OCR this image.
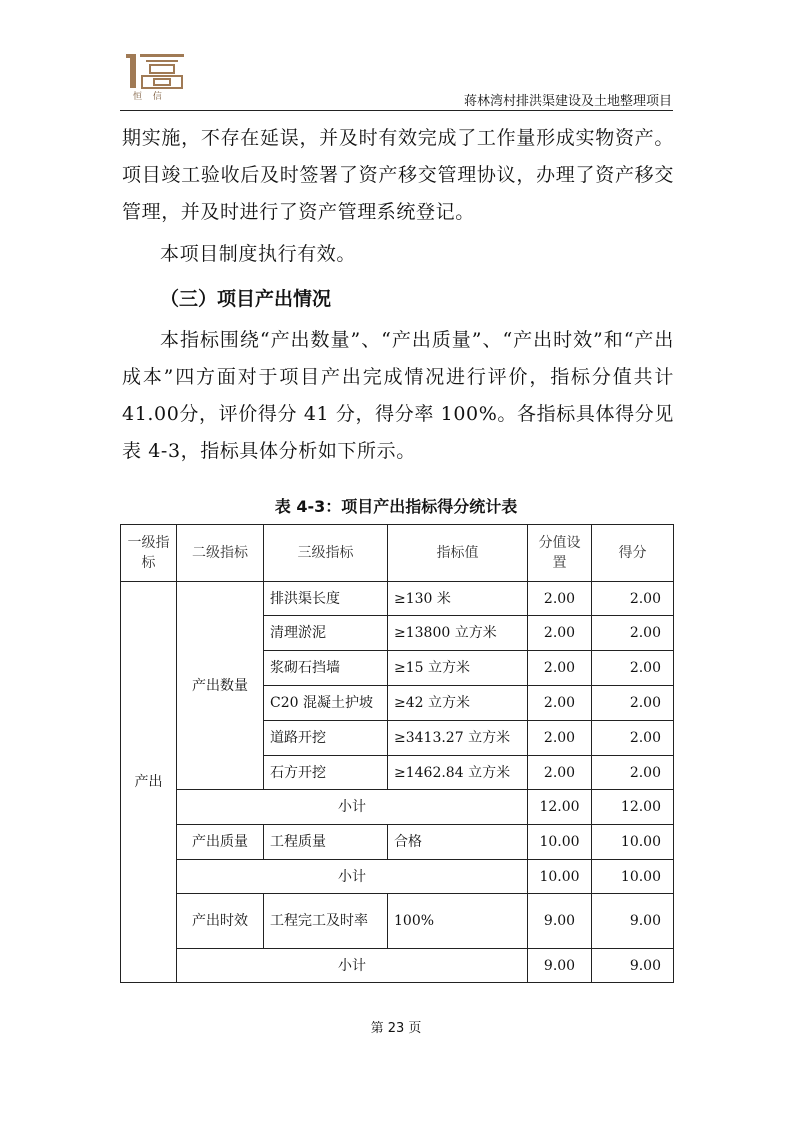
恒 信	蒋林湾村排洪渠建设及土地整理项目

期实施，不存在延误，并及时有效完成了工作量形成实物资产。项目竣工验收后及时签署了资产移交管理协议，办理了资产移交管理，并及时进行了资产管理系统登记。

本项目制度执行有效。

（三）项目产出情况

本指标围绕“产出数量”、“产出质量”、“产出时效”和“产出成本”四方面对于项目产出完成情况进行评价，指标分值共计 41.00分，评价得分 41 分，得分率 100%。各指标具体得分见表 4-3，指标具体分析如下所示。

表 4-3：项目产出指标得分统计表
一级指标	二级指标	三级指标	指标值	分值设 置	得分
产出	产出数量	排洪渠长度	≥130 米	2.00	2.00
		清理淤泥	≥13800 立方米	2.00	2.00
		浆砌石挡墙	≥15 立方米	2.00	2.00
		C20 混凝土护坡	≥42 立方米	2.00	2.00
		道路开挖	≥3413.27 立方米	2.00	2.00
		石方开挖	≥1462.84 立方米	2.00	2.00
	小计			12.00	12.00
	产出质量	工程质量	合格	10.00	10.00
	小计			10.00	10.00
	产出时效	工程完工及时率	100%	9.00	9.00
	小计			9.00	9.00
第 23 页
